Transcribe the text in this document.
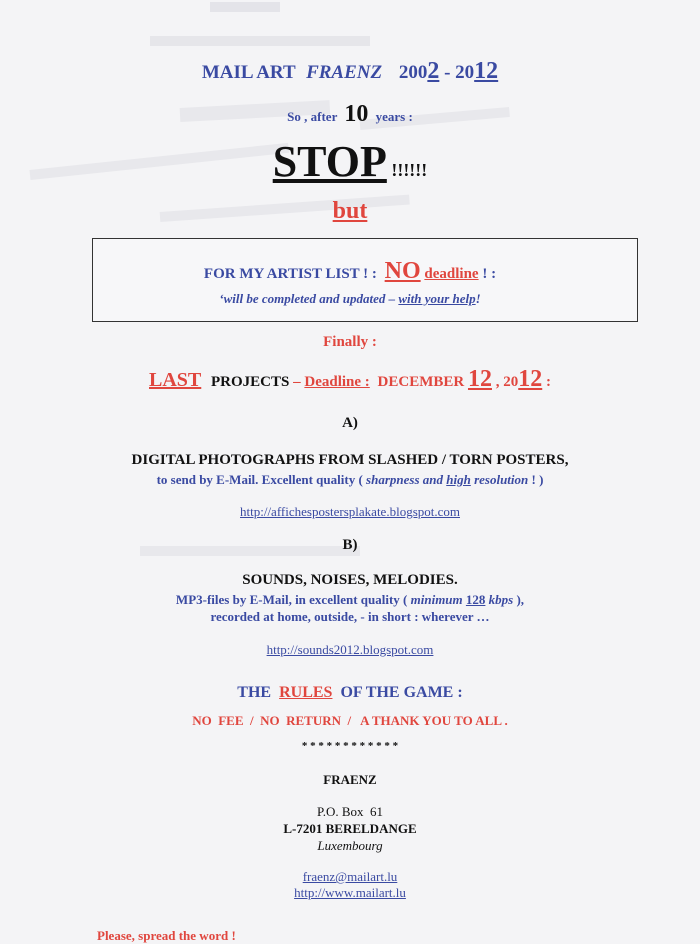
MAIL ART FRAENZ 2002 - 2012
So , after 10 years :
STOP !!!!!!
but
FOR MY ARTIST LIST ! : NO deadline ! :
‘will be completed and updated – with your help!
Finally :
LAST PROJECTS – Deadline : DECEMBER 12 , 2012 :
A)
DIGITAL PHOTOGRAPHS FROM SLASHED / TORN POSTERS,
to send by E-Mail. Excellent quality ( sharpness and high resolution ! )
http://affichespostersplakate.blogspot.com
B)
SOUNDS, NOISES, MELODIES.
MP3-files by E-Mail, in excellent quality ( minimum 128 kbps ),
recorded at home, outside, - in short : wherever …
http://sounds2012.blogspot.com
THE RULES OF THE GAME :
NO  FEE  /  NO  RETURN  /   A THANK YOU TO ALL .
* * * * * * * * * * * *
FRAENZ
P.O. Box  61
L-7201 BERELDANGE
Luxembourg
fraenz@mailart.lu
http://www.mailart.lu
Please, spread the word !
